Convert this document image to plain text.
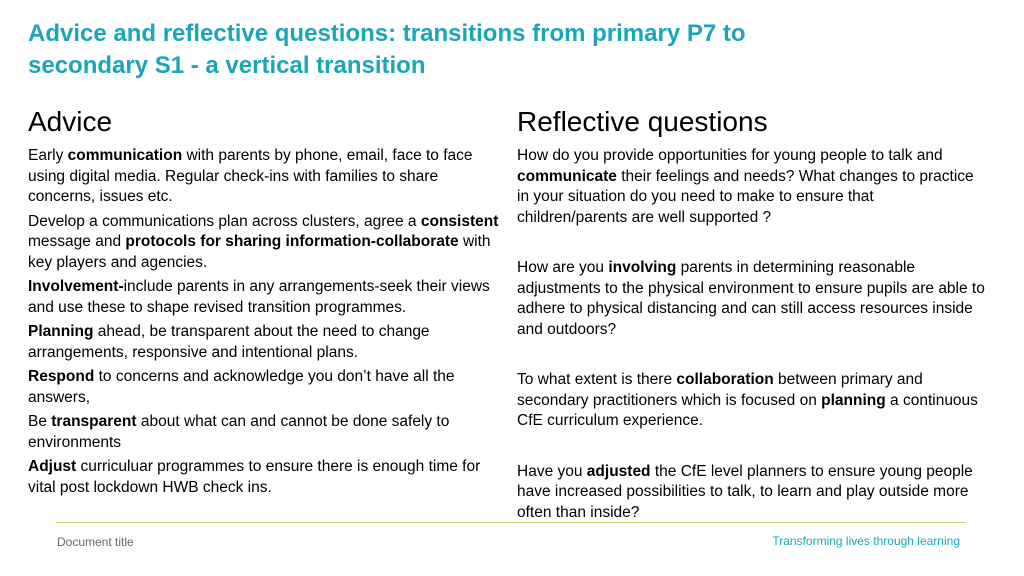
Advice and reflective questions: transitions from primary P7 to
secondary S1 - a vertical transition
Advice

Early communication with parents by phone, email, face to face using digital media. Regular check-ins with families to share concerns, issues etc.

Develop a communications plan across clusters, agree a consistent message and protocols for sharing information-collaborate with key players and agencies.

Involvement-include parents in any arrangements-seek their views and use these to shape revised transition programmes.

Planning ahead, be transparent about the need to change arrangements, responsive and intentional plans.

Respond to concerns and acknowledge you don’t have all the answers,

Be transparent about what can and cannot be done safely to environments

Adjust curriculuar programmes to ensure there is enough time for vital post lockdown HWB check ins.

Reflective questions

How do you provide opportunities for young people to talk and communicate their feelings and needs? What changes to practice in your situation do you need to make to ensure that children/parents are well supported ?

How are you involving parents in determining reasonable adjustments to the physical environment to ensure pupils are able to adhere to physical distancing and can still access resources inside and outdoors?

To what extent is there collaboration between primary and secondary practitioners which is focused on planning a continuous CfE curriculum experience.

Have you adjusted the CfE level planners to ensure young people have increased possibilities to talk, to learn and play outside more often than inside?

Document title	Transforming lives through learning
